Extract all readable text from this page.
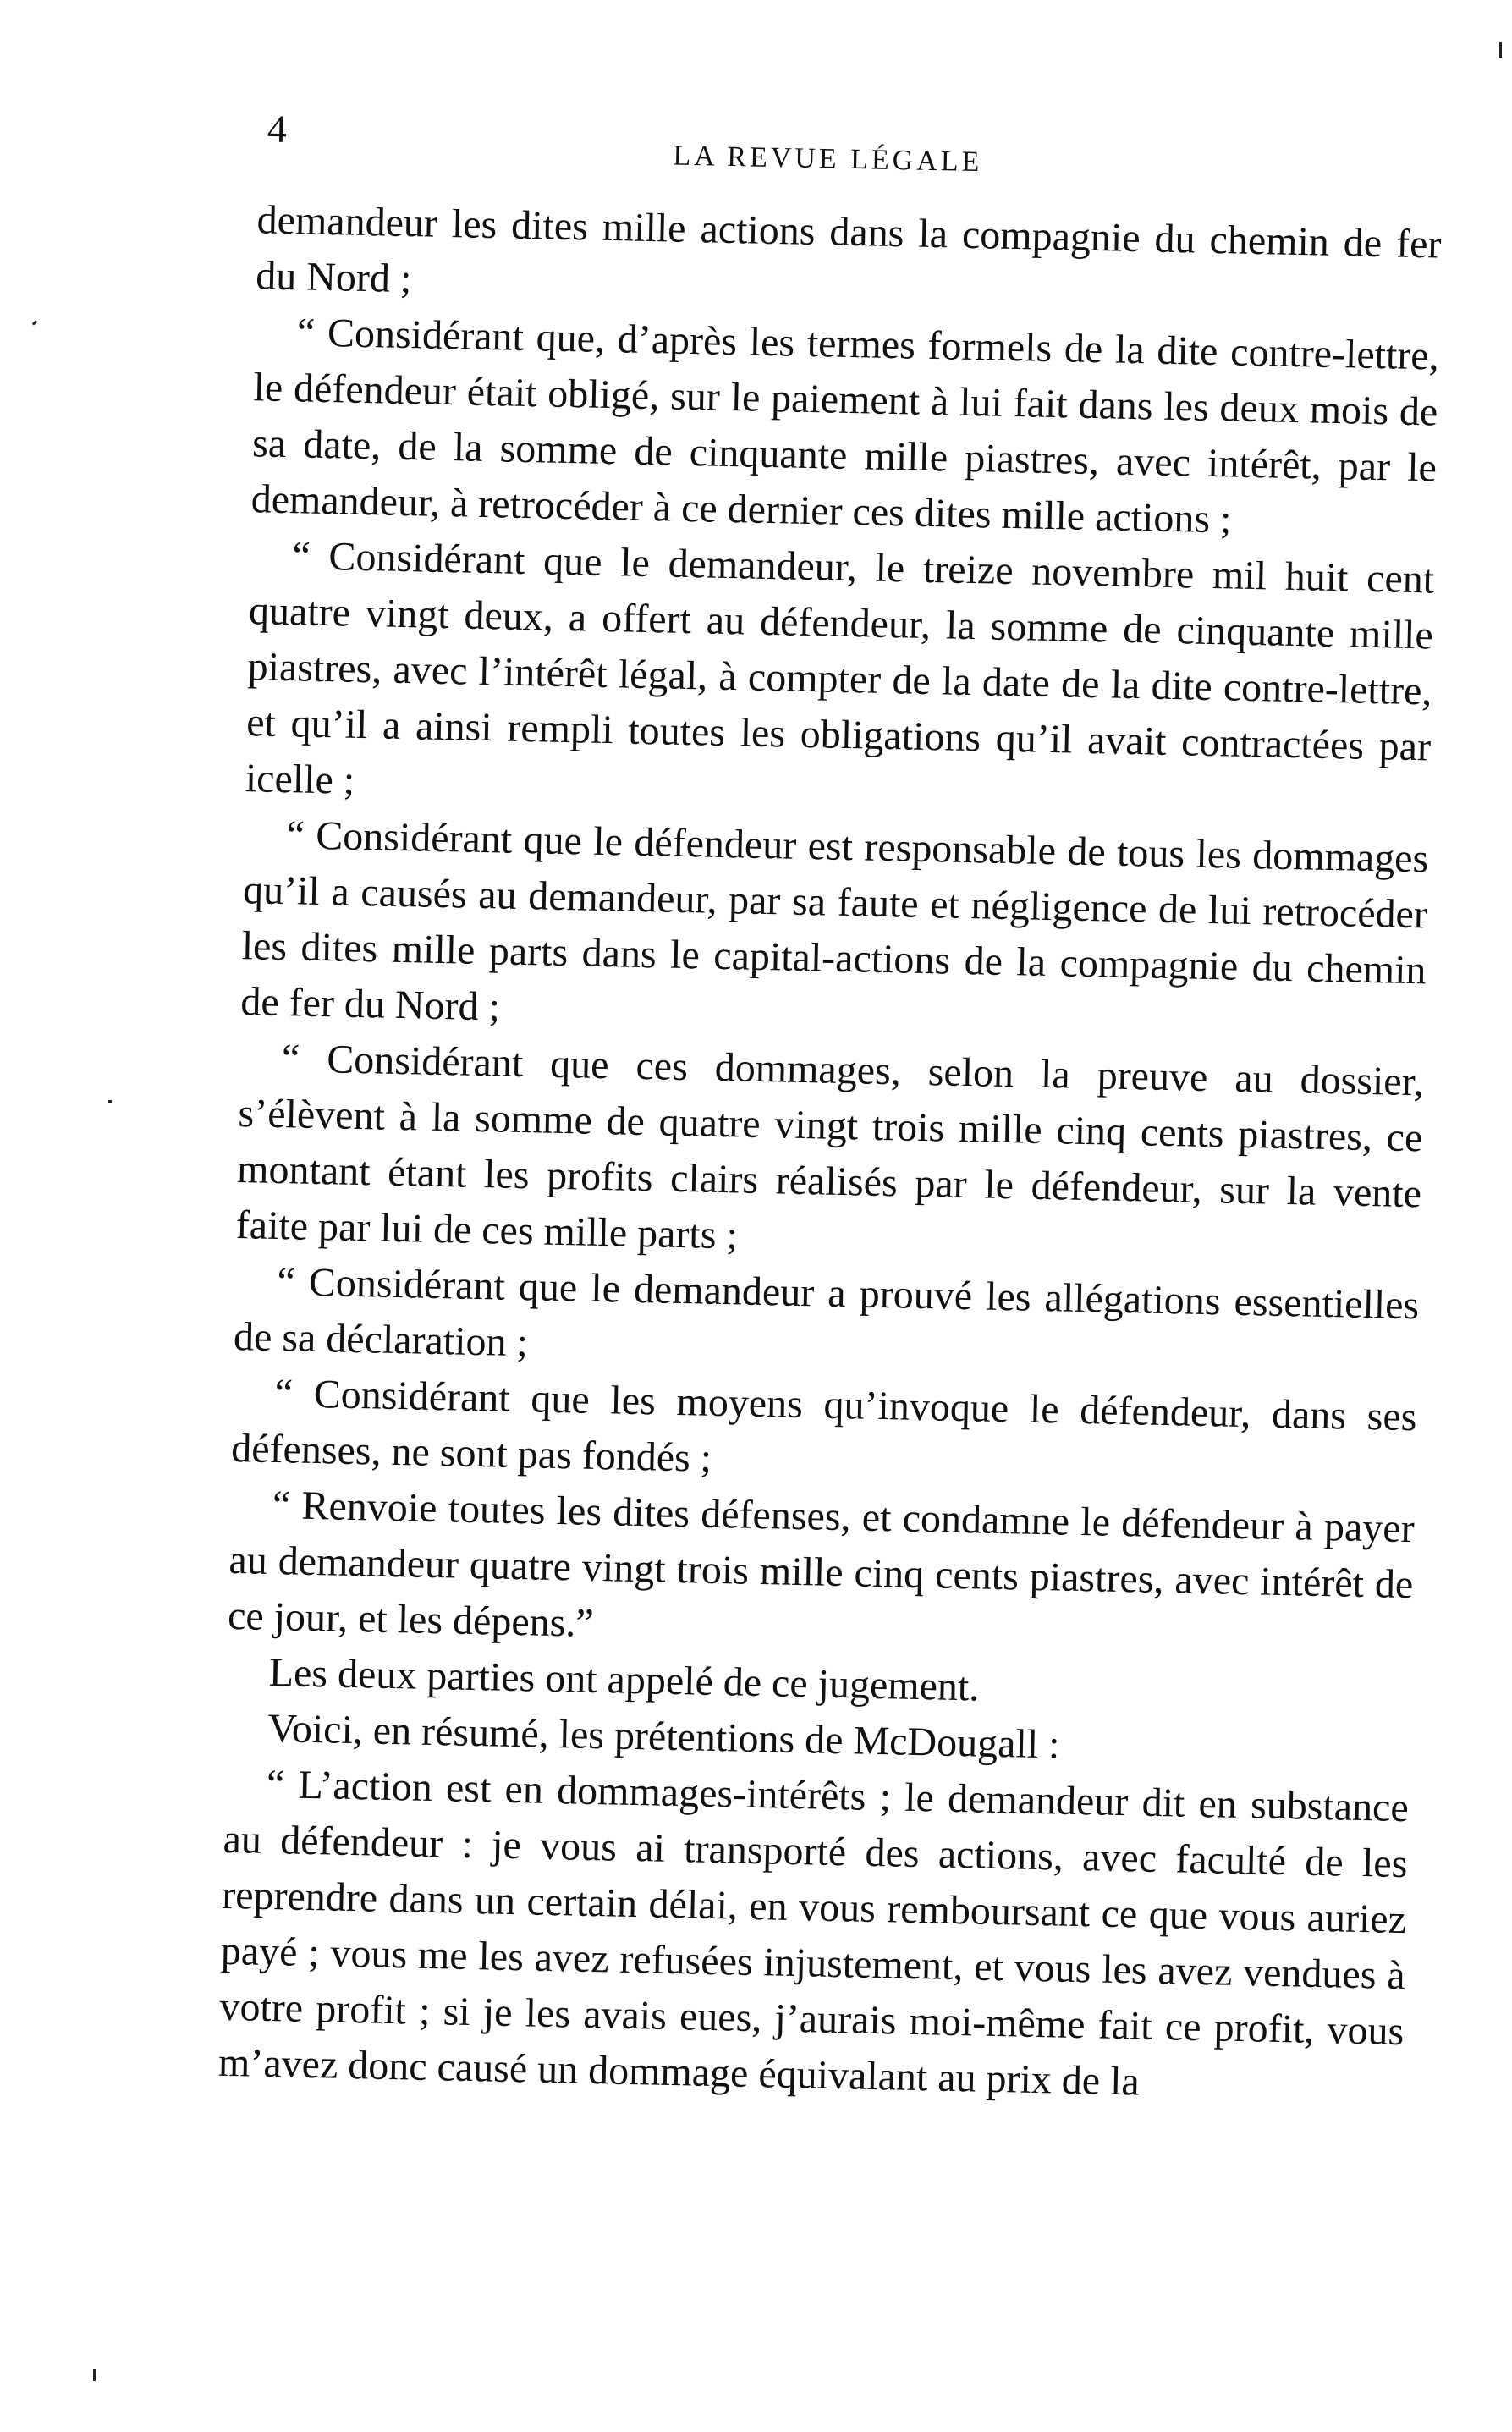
4
LA REVUE LÉGALE

demandeur les dites mille actions dans la compagnie du chemin de fer du Nord ;

“ Considérant que, d’après les termes formels de la dite contre-lettre, le défendeur était obligé, sur le paiement à lui fait dans les deux mois de sa date, de la somme de cinquante mille piastres, avec intérêt, par le demandeur, à retrocéder à ce dernier ces dites mille actions ;

“ Considérant que le demandeur, le treize novembre mil huit cent quatre vingt deux, a offert au défendeur, la somme de cinquante mille piastres, avec l’intérêt légal, à compter de la date de la dite contre-lettre, et qu’il a ainsi rempli toutes les obligations qu’il avait contractées par icelle ;

“ Considérant que le défendeur est responsable de tous les dommages qu’il a causés au demandeur, par sa faute et négligence de lui retrocéder les dites mille parts dans le capital-actions de la compagnie du chemin de fer du Nord ;

“ Considérant que ces dommages, selon la preuve au dossier, s’élèvent à la somme de quatre vingt trois mille cinq cents piastres, ce montant étant les profits clairs réalisés par le défendeur, sur la vente faite par lui de ces mille parts ;

“ Considérant que le demandeur a prouvé les allégations essentielles de sa déclaration ;

“ Considérant que les moyens qu’invoque le défendeur, dans ses défenses, ne sont pas fondés ;

“ Renvoie toutes les dites défenses, et condamne le défendeur à payer au demandeur quatre vingt trois mille cinq cents piastres, avec intérêt de ce jour, et les dépens.”

Les deux parties ont appelé de ce jugement.

Voici, en résumé, les prétentions de McDougall :

“ L’action est en dommages-intérêts ; le demandeur dit en substance au défendeur : je vous ai transporté des actions, avec faculté de les reprendre dans un certain délai, en vous remboursant ce que vous auriez payé ; vous me les avez refusées injustement, et vous les avez vendues à votre profit ; si je les avais eues, j’aurais moi-même fait ce profit, vous m’avez donc causé un dommage équivalant au prix de la
